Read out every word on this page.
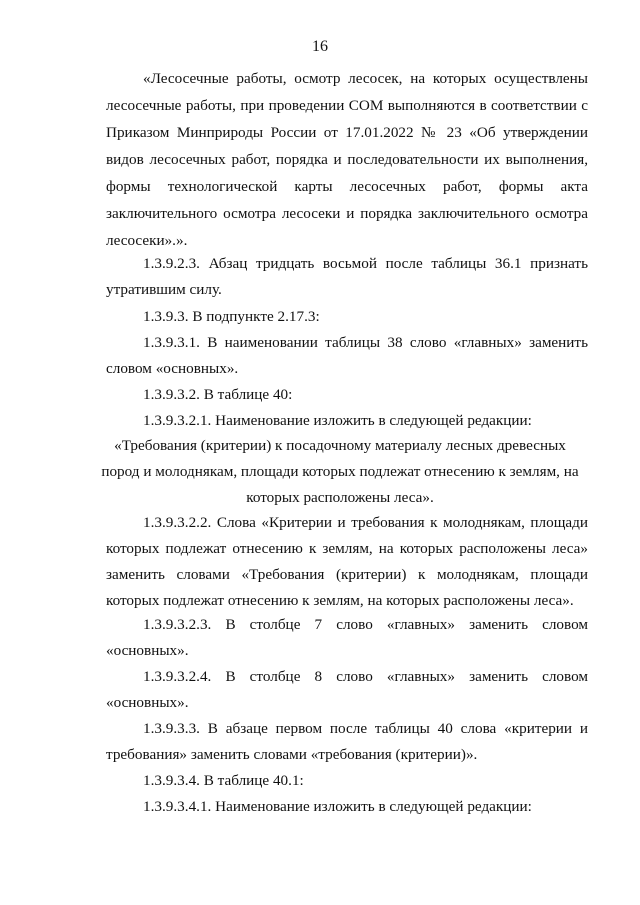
16
«Лесосечные работы, осмотр лесосек, на которых осуществлены
лесосечные работы, при проведении СОМ выполняются в соответствии с
Приказом Минприроды России от 17.01.2022 № 23 «Об утверждении
видов лесосечных работ, порядка и последовательности их выполнения,
формы технологической карты лесосечных работ, формы акта
заключительного осмотра лесосеки и порядка заключительного осмотра
лесосеки».».
1.3.9.2.3. Абзац тридцать восьмой после таблицы 36.1 признать
утратившим силу.
1.3.9.3. В подпункте 2.17.3:
1.3.9.3.1. В наименовании таблицы 38 слово «главных» заменить
словом «основных».
1.3.9.3.2. В таблице 40:
1.3.9.3.2.1. Наименование изложить в следующей редакции:
«Требования (критерии) к посадочному материалу лесных древесных
пород и молоднякам, площади которых подлежат отнесению к землям, на
которых расположены леса».
1.3.9.3.2.2. Слова «Критерии и требования к молоднякам, площади
которых подлежат отнесению к землям, на которых расположены леса»
заменить словами «Требования (критерии) к молоднякам, площади
которых подлежат отнесению к землям, на которых расположены леса».
1.3.9.3.2.3. В столбце 7 слово «главных» заменить словом
«основных».
1.3.9.3.2.4. В столбце 8 слово «главных» заменить словом
«основных».
1.3.9.3.3. В абзаце первом после таблицы 40 слова «критерии и
требования» заменить словами «требования (критерии)».
1.3.9.3.4. В таблице 40.1:
1.3.9.3.4.1. Наименование изложить в следующей редакции:
